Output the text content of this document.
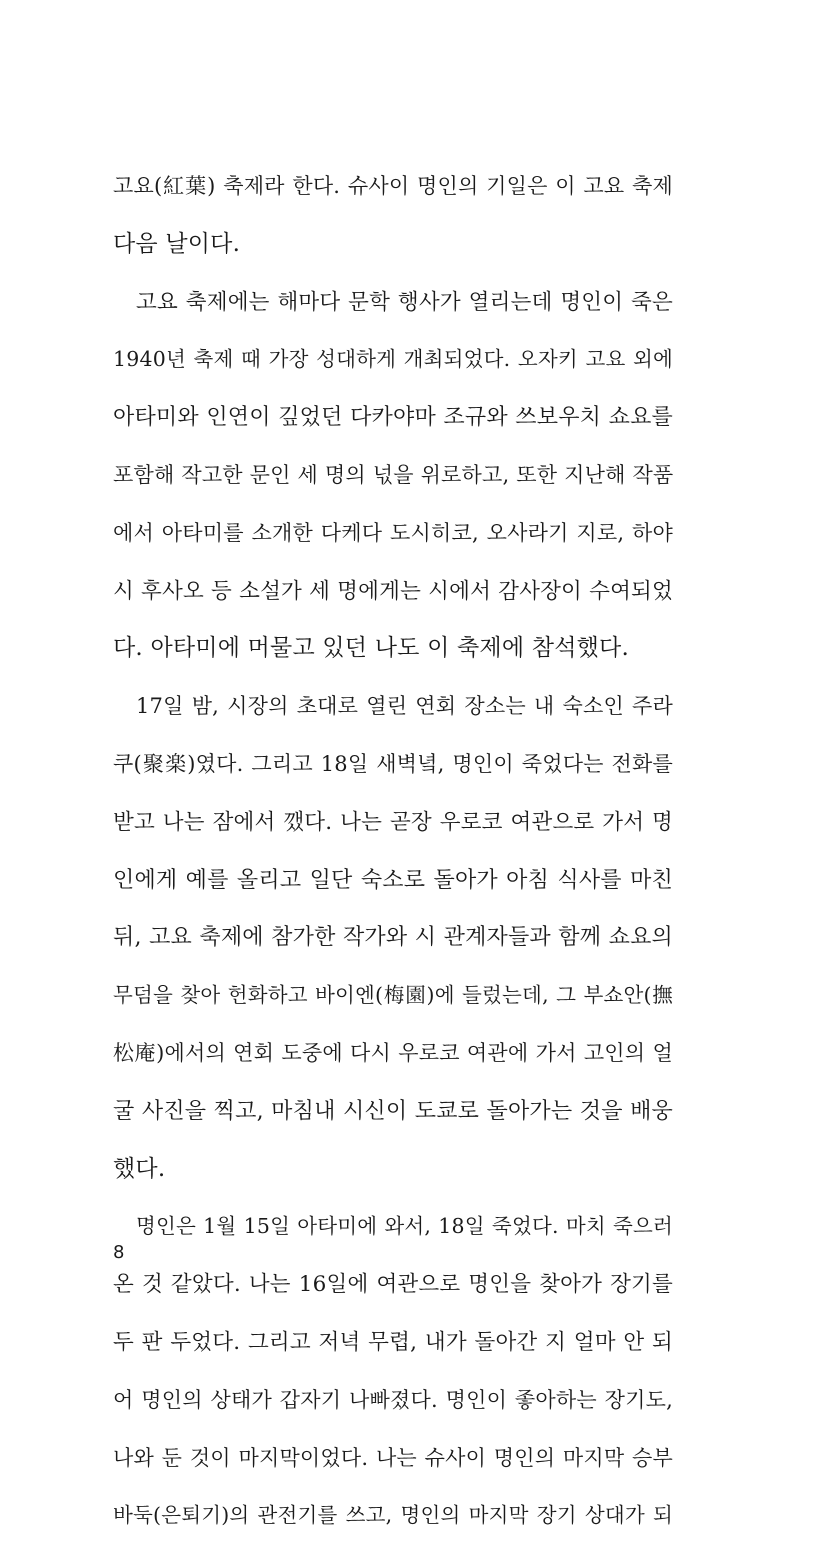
고요(紅葉) 축제라 한다. 슈사이 명인의 기일은 이 고요 축제
다음 날이다.
고요 축제에는 해마다 문학 행사가 열리는데 명인이 죽은
1940년 축제 때 가장 성대하게 개최되었다. 오자키 고요 외에
아타미와 인연이 깊었던 다카야마 조규와 쓰보우치 쇼요를
포함해 작고한 문인 세 명의 넋을 위로하고, 또한 지난해 작품
에서 아타미를 소개한 다케다 도시히코, 오사라기 지로, 하야
시 후사오 등 소설가 세 명에게는 시에서 감사장이 수여되었
다. 아타미에 머물고 있던 나도 이 축제에 참석했다.
17일 밤, 시장의 초대로 열린 연회 장소는 내 숙소인 주라
쿠(聚楽)였다. 그리고 18일 새벽녘, 명인이 죽었다는 전화를
받고 나는 잠에서 깼다. 나는 곧장 우로코 여관으로 가서 명
인에게 예를 올리고 일단 숙소로 돌아가 아침 식사를 마친
뒤, 고요 축제에 참가한 작가와 시 관계자들과 함께 쇼요의
무덤을 찾아 헌화하고 바이엔(梅園)에 들렀는데, 그 부쇼안(撫
松庵)에서의 연회 도중에 다시 우로코 여관에 가서 고인의 얼
굴 사진을 찍고, 마침내 시신이 도쿄로 돌아가는 것을 배웅
했다.
명인은 1월 15일 아타미에 와서, 18일 죽었다. 마치 죽으러
온 것 같았다. 나는 16일에 여관으로 명인을 찾아가 장기를
두 판 두었다. 그리고 저녁 무렵, 내가 돌아간 지 얼마 안 되
어 명인의 상태가 갑자기 나빠졌다. 명인이 좋아하는 장기도,
나와 둔 것이 마지막이었다. 나는 슈사이 명인의 마지막 승부
바둑(은퇴기)의 관전기를 쓰고, 명인의 마지막 장기 상대가 되
8
